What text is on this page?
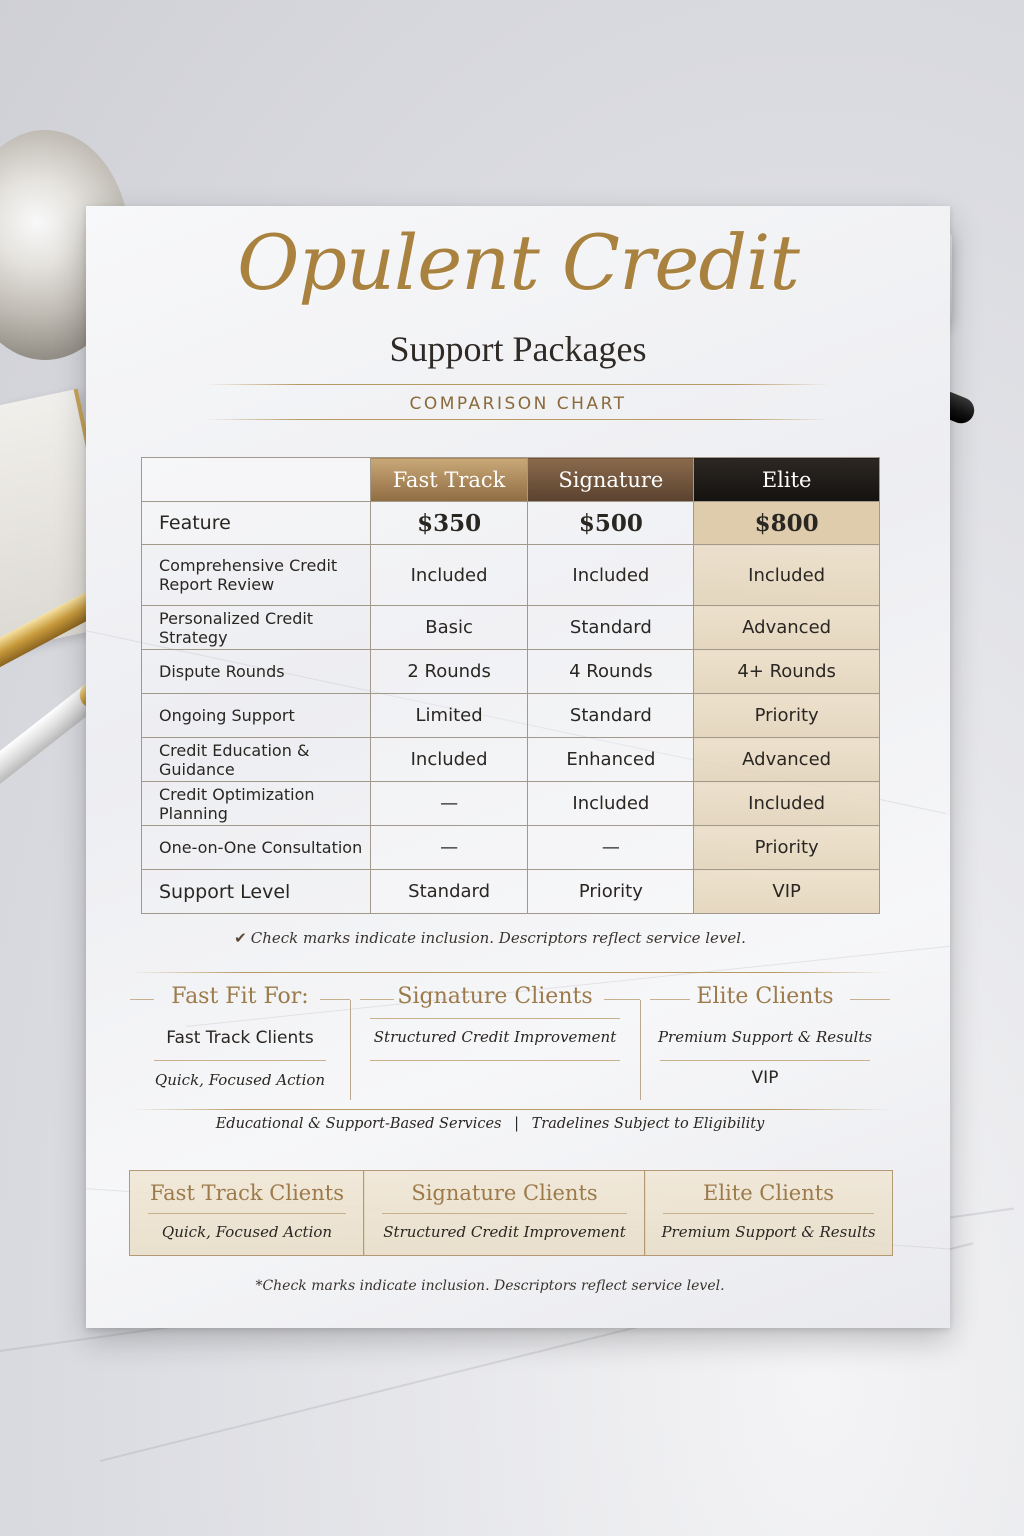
Opulent Credit
Support Packages
COMPARISON CHART
	Fast Track	Signature	Elite
Feature	$350	$500	$800
Comprehensive Credit Report Review	Included	Included	Included
Personalized Credit Strategy	Basic	Standard	Advanced
Dispute Rounds	2 Rounds	4 Rounds	4+ Rounds
Ongoing Support	Limited	Standard	Priority
Credit Education & Guidance	Included	Enhanced	Advanced
Credit Optimization Planning	—	Included	Included
One-on-One Consultation	—	—	Priority
Support Level	Standard	Priority	VIP
✔ Check marks indicate inclusion. Descriptors reflect service level.
Fast Fit For:
Fast Track Clients
Quick, Focused Action
Signature Clients
Structured Credit Improvement
Elite Clients
Premium Support & Results
VIP
Educational & Support-Based Services | Tradelines Subject to Eligibility
Fast Track Clients
Quick, Focused Action
Signature Clients
Structured Credit Improvement
Elite Clients
Premium Support & Results
*Check marks indicate inclusion. Descriptors reflect service level.
